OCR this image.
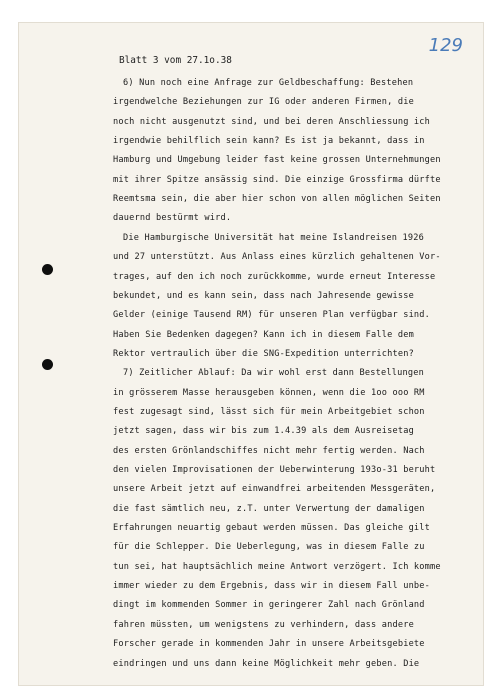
129
Blatt 3 vom 27.1o.38
6) Nun noch eine Anfrage zur Geldbeschaffung: Bestehen
irgendwelche Beziehungen zur IG oder anderen Firmen, die
noch nicht ausgenutzt sind, und bei deren Anschliessung ich
irgendwie behilflich sein kann? Es ist ja bekannt, dass in
Hamburg und Umgebung leider fast keine grossen Unternehmungen
mit ihrer Spitze ansässig sind. Die einzige Grossfirma dürfte
Reemtsma sein, die aber hier schon von allen möglichen Seiten
dauernd bestürmt wird.
Die Hamburgische Universität hat meine Islandreisen 1926
und 27 unterstützt. Aus Anlass eines kürzlich gehaltenen Vor-
trages, auf den ich noch zurückkomme, wurde erneut Interesse
bekundet, und es kann sein, dass nach Jahresende gewisse
Gelder (einige Tausend RM) für unseren Plan verfügbar sind.
Haben Sie Bedenken dagegen? Kann ich in diesem Falle dem
Rektor vertraulich über die SNG-Expedition unterrichten?
7) Zeitlicher Ablauf: Da wir wohl erst dann Bestellungen
in grösserem Masse herausgeben können, wenn die 1oo ooo RM
fest zugesagt sind, lässt sich für mein Arbeitgebiet schon
jetzt sagen, dass wir bis zum 1.4.39 als dem Ausreisetag
des ersten Grönlandschiffes nicht mehr fertig werden. Nach
den vielen Improvisationen der Ueberwinterung 193o-31 beruht
unsere Arbeit jetzt auf einwandfrei arbeitenden Messgeräten,
die fast sämtlich neu, z.T. unter Verwertung der damaligen
Erfahrungen neuartig gebaut werden müssen. Das gleiche gilt
für die Schlepper. Die Ueberlegung, was in diesem Falle zu
tun sei, hat hauptsächlich meine Antwort verzögert. Ich komme
immer wieder zu dem Ergebnis, dass wir in diesem Fall unbe-
dingt im kommenden Sommer in geringerer Zahl nach Grönland
fahren müssten, um wenigstens zu verhindern, dass andere
Forscher gerade in kommenden Jahr in unsere Arbeitsgebiete
eindringen und uns dann keine Möglichkeit mehr geben. Die
